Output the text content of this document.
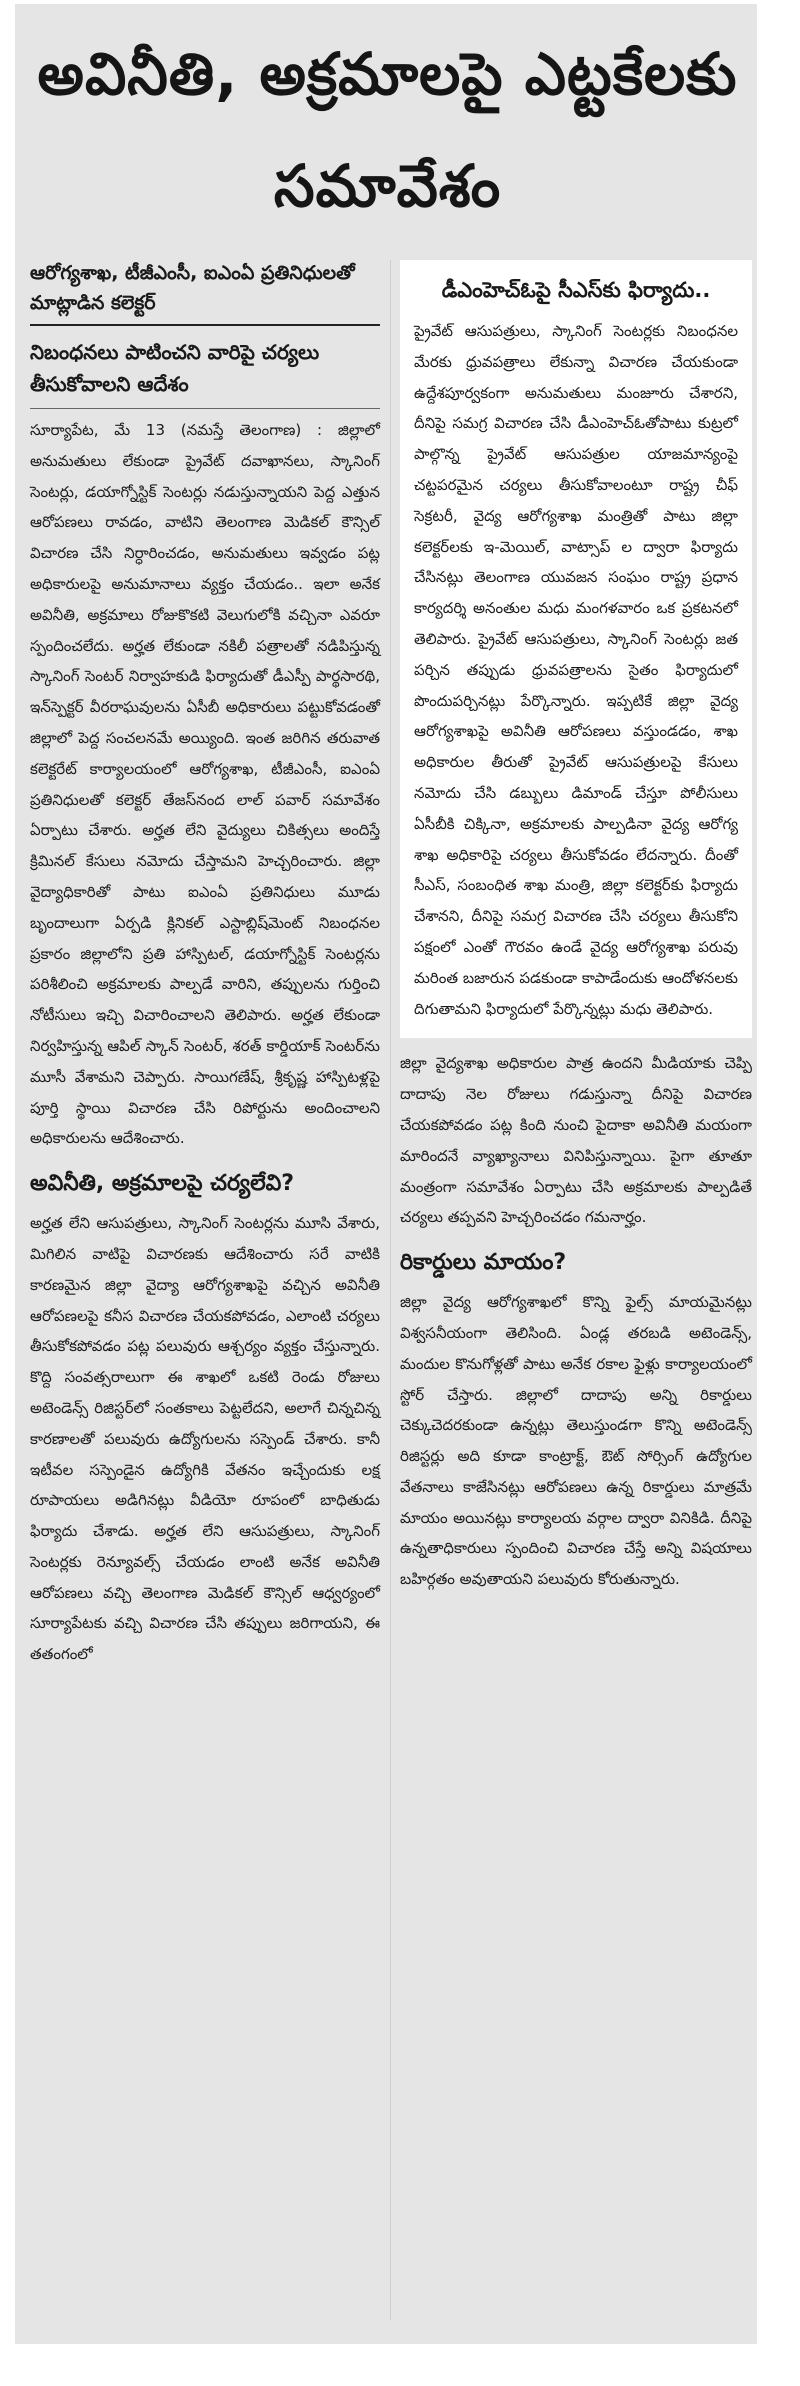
అవినీతి, అక్రమాలపై ఎట్టకేలకు సమావేశం
ఆరోగ్యశాఖ, టీజీఎంసీ, ఐఎంఏ ప్రతినిధులతో మాట్లాడిన కలెక్టర్
నిబంధనలు పాటించని వారిపై చర్యలు తీసుకోవాలని ఆదేశం

సూర్యాపేట, మే 13 (నమస్తే తెలంగాణ) : జిల్లాలో అనుమతులు లేకుండా ప్రైవేట్ దవాఖానలు, స్కానింగ్ సెంటర్లు, డయాగ్నోస్టిక్ సెంటర్లు నడుస్తున్నాయని పెద్ద ఎత్తున ఆరోపణలు రావడం, వాటిని తెలంగాణ మెడికల్ కౌన్సిల్ విచారణ చేసి నిర్ధారించడం, అనుమతులు ఇవ్వడం పట్ల అధికారులపై అనుమానాలు వ్యక్తం చేయడం.. ఇలా అనేక అవినీతి, అక్రమాలు రోజుకొకటి వెలుగులోకి వచ్చినా ఎవరూ స్పందించలేదు. అర్హత లేకుండా నకిలీ పత్రాలతో నడిపిస్తున్న స్కానింగ్ సెంటర్ నిర్వాహకుడి ఫిర్యాదుతో డీఎస్పీ పార్థసారథి, ఇన్‌స్పెక్టర్ వీరరాఘవులను ఏసీబీ అధికారులు పట్టుకోవడంతో జిల్లాలో పెద్ద సంచలనమే అయ్యింది. ఇంత జరిగిన తరువాత కలెక్టరేట్ కార్యాలయంలో ఆరోగ్యశాఖ, టీజీఎంసీ, ఐఎంఏ ప్రతినిధులతో కలెక్టర్ తేజస్‌నంద లాల్ పవార్ సమావేశం ఏర్పాటు చేశారు. అర్హత లేని వైద్యులు చికిత్సలు అందిస్తే క్రిమినల్ కేసులు నమోదు చేస్తామని హెచ్చరించారు. జిల్లా వైద్యాధికారితో పాటు ఐఎంఏ ప్రతినిధులు మూడు బృందాలుగా ఏర్పడి క్లినికల్ ఎస్టాబ్లిష్‌మెంట్ నిబంధనల ప్రకారం జిల్లాలోని ప్రతి హాస్పిటల్, డయాగ్నోస్టిక్ సెంటర్లను పరిశీలించి అక్రమాలకు పాల్పడే వారిని, తప్పులను గుర్తించి నోటీసులు ఇచ్చి విచారించాలని తెలిపారు. అర్హత లేకుండా నిర్వహిస్తున్న ఆపిల్ స్కాన్ సెంటర్, శరత్ కార్డియాక్ సెంటర్‌ను మూసీ వేశామని చెప్పారు. సాయిగణేష్, శ్రీకృష్ణ హాస్పిటళ్లపై పూర్తి స్థాయి విచారణ చేసి రిపోర్టును అందించాలని అధికారులను ఆదేశించారు.

అవినీతి, అక్రమాలపై చర్యలేవి?

అర్హత లేని ఆసుపత్రులు, స్కానింగ్ సెంటర్లను మూసి వేశారు, మిగిలిన వాటిపై విచారణకు ఆదేశించారు సరే వాటికి కారణమైన జిల్లా వైద్యా ఆరోగ్యశాఖపై వచ్చిన అవినీతి ఆరోపణలపై కనీస విచారణ చేయకపోవడం, ఎలాంటి చర్యలు తీసుకోకపోవడం పట్ల పలువురు ఆశ్చర్యం వ్యక్తం చేస్తున్నారు. కొద్ది సంవత్సరాలుగా ఈ శాఖలో ఒకటి రెండు రోజులు అటెండెన్స్ రిజిస్టర్‌లో సంతకాలు పెట్టలేదని, అలాగే చిన్నచిన్న కారణాలతో పలువురు ఉద్యోగులను సస్పెండ్ చేశారు. కానీ ఇటీవల సస్పెండైన ఉద్యోగికి వేతనం ఇచ్చేందుకు లక్ష రూపాయలు అడిగినట్లు వీడియో రూపంలో బాధితుడు ఫిర్యాదు చేశాడు. అర్హత లేని ఆసుపత్రులు, స్కానింగ్ సెంటర్లకు రెన్యూవల్స్ చేయడం లాంటి అనేక అవినీతి ఆరోపణలు వచ్చి తెలంగాణ మెడికల్ కౌన్సిల్ ఆధ్వర్యంలో సూర్యాపేటకు వచ్చి విచారణ చేసి తప్పులు జరిగాయని, ఈ తతంగంలో

డీఎంహెచ్ఓపై సీఎస్‌కు ఫిర్యాదు..

ప్రైవేట్ ఆసుపత్రులు, స్కానింగ్ సెంటర్లకు నిబంధనల మేరకు ధ్రువపత్రాలు లేకున్నా విచారణ చేయకుండా ఉద్దేశపూర్వకంగా అనుమతులు మంజూరు చేశారని, దీనిపై సమగ్ర విచారణ చేసి డీఎంహెచ్‌ఓతోపాటు కుట్రలో పాల్గొన్న ప్రైవేట్ ఆసుపత్రుల యాజమాన్యంపై చట్టపరమైన చర్యలు తీసుకోవాలంటూ రాష్ట్ర చీఫ్ సెక్రటరీ, వైద్య ఆరోగ్యశాఖ మంత్రితో పాటు జిల్లా కలెక్టర్‌లకు ఇ-మెయిల్, వాట్సాప్ ల ద్వారా ఫిర్యాదు చేసినట్లు తెలంగాణ యువజన సంఘం రాష్ట్ర ప్రధాన కార్యదర్శి అనంతుల మధు మంగళవారం ఒక ప్రకటనలో తెలిపారు. ప్రైవేట్ ఆసుపత్రులు, స్కానింగ్ సెంటర్లు జత పర్చిన తప్పుడు ధ్రువపత్రాలను సైతం ఫిర్యాదులో పొందుపర్చినట్లు పేర్కొన్నారు. ఇప్పటికే జిల్లా వైద్య ఆరోగ్యశాఖపై అవినీతి ఆరోపణలు వస్తుండడం, శాఖ అధికారుల తీరుతో ప్రైవేట్ ఆసుపత్రులపై కేసులు నమోదు చేసి డబ్బులు డిమాండ్ చేస్తూ పోలీసులు ఏసీబీకి చిక్కినా, అక్రమాలకు పాల్పడినా వైద్య ఆరోగ్య శాఖ అధికారిపై చర్యలు తీసుకోవడం లేదన్నారు. దీంతో సీఎస్, సంబంధిత శాఖ మంత్రి, జిల్లా కలెక్టర్‌కు ఫిర్యాదు చేశానని, దీనిపై సమగ్ర విచారణ చేసి చర్యలు తీసుకోని పక్షంలో ఎంతో గౌరవం ఉండే వైద్య ఆరోగ్యశాఖ పరువు మరింత బజారున పడకుండా కాపాడేందుకు ఆందోళనలకు దిగుతామని ఫిర్యాదులో పేర్కొన్నట్లు మధు తెలిపారు.

జిల్లా వైద్యశాఖ అధికారుల పాత్ర ఉందని మీడియాకు చెప్పి దాదాపు నెల రోజులు గడుస్తున్నా దీనిపై విచారణ చేయకపోవడం పట్ల కింది నుంచి పైదాకా అవినీతి మయంగా మారిందనే వ్యాఖ్యానాలు వినిపిస్తున్నాయి. పైగా తూతూ మంత్రంగా సమావేశం ఏర్పాటు చేసి అక్రమాలకు పాల్పడితే చర్యలు తప్పవని హెచ్చరించడం గమనార్హం.

రికార్డులు మాయం?

జిల్లా వైద్య ఆరోగ్యశాఖలో కొన్ని ఫైల్స్ మాయమైనట్లు విశ్వసనీయంగా తెలిసింది. ఏండ్ల తరబడి అటెండెన్స్, మందుల కొనుగోళ్లతో పాటు అనేక రకాల ఫైళ్లు కార్యాలయంలో స్టోర్ చేస్తారు. జిల్లాలో దాదాపు అన్ని రికార్డులు చెక్కుచెదరకుండా ఉన్నట్లు తెలుస్తుండగా కొన్ని అటెండెన్స్ రిజిస్టర్లు అది కూడా కాంట్రాక్ట్, ఔట్ సోర్సింగ్ ఉద్యోగుల వేతనాలు కాజేసినట్లు ఆరోపణలు ఉన్న రికార్డులు మాత్రమే మాయం అయినట్లు కార్యాలయ వర్గాల ద్వారా వినికిడి. దీనిపై ఉన్నతాధికారులు స్పందించి విచారణ చేస్తే అన్ని విషయాలు బహిర్గతం అవుతాయని పలువురు కోరుతున్నారు.
